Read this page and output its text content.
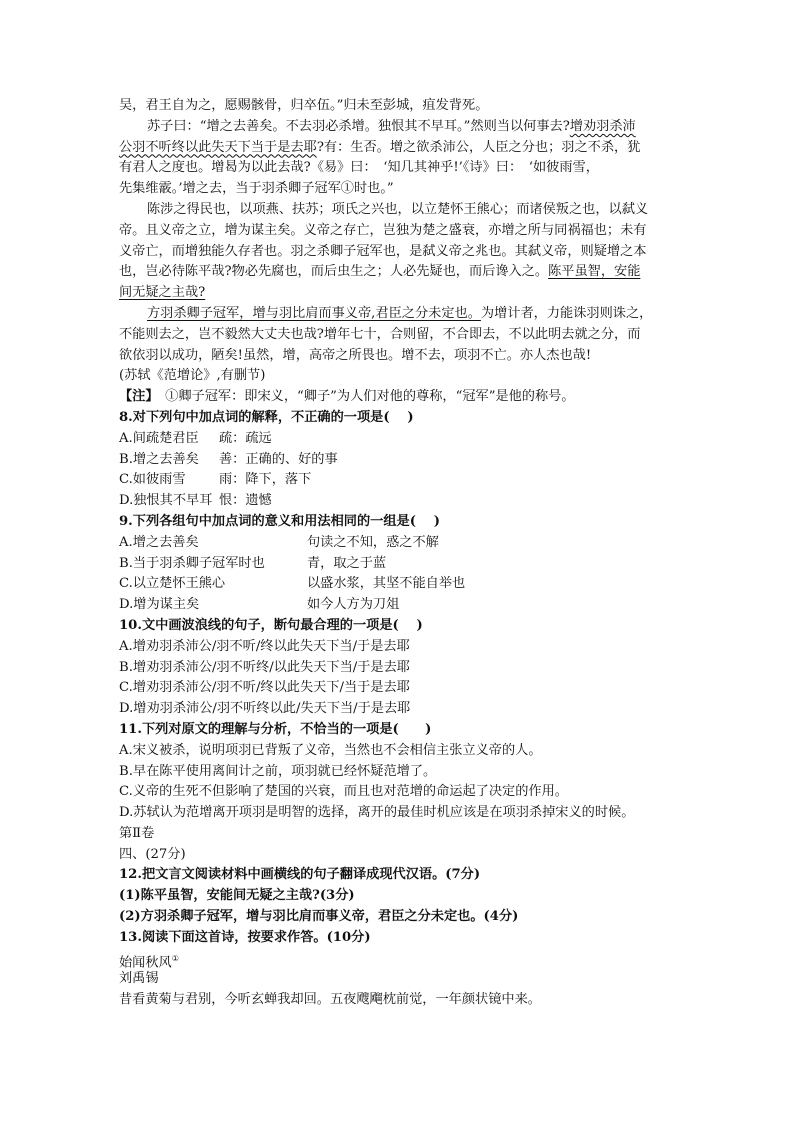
吴，君王自为之，愿赐骸骨，归卒伍。”归未至彭城，疽发背死。
苏子曰：“增之去善矣。不去羽必杀增。独恨其不早耳。”然则当以何事去?增劝羽杀沛
公羽不听终以此失天下当于是去耶?有：生否。增之欲杀沛公，人臣之分也；羽之不杀，犹
有君人之度也。增曷为以此去哉?《易》曰：　‘知几其神乎!’《诗》曰：　‘如彼雨雪，
先集维霰。’增之去，当于羽杀卿子冠军①时也。”
陈涉之得民也，以项燕、扶苏；项氏之兴也，以立楚怀王熊心；而诸侯叛之也，以弑义
帝。且义帝之立，增为谋主矣。义帝之存亡，岂独为楚之盛衰，亦增之所与同祸福也；未有
义帝亡，而增独能久存者也。羽之杀卿子冠军也，是弑义帝之兆也。其弑义帝，则疑增之本
也，岂必待陈平哉?物必先腐也，而后虫生之；人必先疑也，而后谗入之。陈平虽智，安能
间无疑之主哉?
方羽杀卿子冠军，增与羽比肩而事义帝,君臣之分未定也。为增计者，力能诛羽则诛之，
不能则去之，岂不毅然大丈夫也哉?增年七十，合则留，不合即去，不以此明去就之分，而
欲依羽以成功，陋矣!虽然，增，高帝之所畏也。增不去，项羽不亡。亦人杰也哉!
(苏轼《范增论》,有删节)
【注】　 ①卿子冠军：即宋义，“卿子”为人们对他的尊称，“冠军”是他的称号。
8.对下列句中加点词的解释，不正确的一项是(　 )
A.间疏楚君臣 疏：疏远
B.增之去善矣 善：正确的、好的事
C.如彼雨雪	雨：降下，落下
D.独恨其不早耳 恨：遗憾
9.下列各组句中加点词的意义和用法相同的一组是(　 )
A.增之去善矣	句读之不知，惑之不解
B.当于羽杀卿子冠军时也	青，取之于蓝
C.以立楚怀王熊心	以盛水浆，其坚不能自举也
D.增为谋主矣	如今人方为刀俎
10.文中画波浪线的句子，断句最合理的一项是(　 )
A.增劝羽杀沛公/羽不听/终以此失天下当/于是去耶
B.增劝羽杀沛公/羽不听终/以此失天下当/于是去耶
C.增劝羽杀沛公/羽不听/终以此失天下/当于是去耶
D.增劝羽杀沛公/羽不听终以此/失天下当/于是去耶
11.下列对原文的理解与分析，不恰当的一项是(　　)
A.宋义被杀，说明项羽已背叛了义帝，当然也不会相信主张立义帝的人。
B.早在陈平使用离间计之前，项羽就已经怀疑范增了。
C.义帝的生死不但影响了楚国的兴衰，而且也对范增的命运起了决定的作用。
D.苏轼认为范增离开项羽是明智的选择，离开的最佳时机应该是在项羽杀掉宋义的时候。
第Ⅱ卷
四、(27分)
12.把文言文阅读材料中画横线的句子翻译成现代汉语。(7分)
(1)陈平虽智，安能间无疑之主哉?(3分)
(2)方羽杀卿子冠军，增与羽比肩而事义帝，君臣之分未定也。(4分)
13.阅读下面这首诗，按要求作答。(10分)
始闻秋风①
刘禹锡
昔看黄菊与君别，今听玄蝉我却回。五夜飕飗枕前觉，一年颜状镜中来。
